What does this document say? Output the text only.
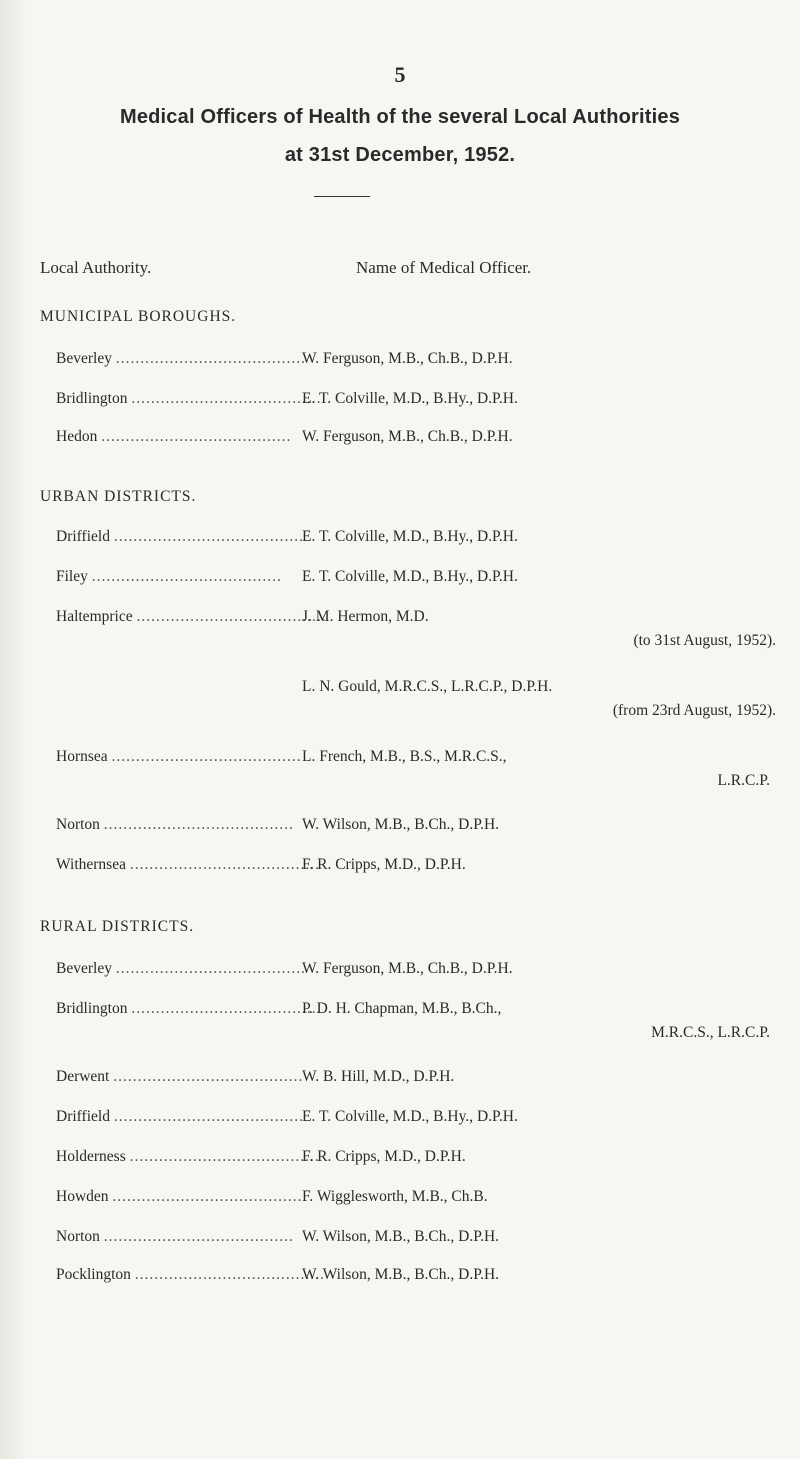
5
Medical Officers of Health of the several Local Authorities
at 31st December, 1952.
Local Authority.	Name of Medical Officer.
MUNICIPAL BOROUGHS.
Beverley .......................................
W. Ferguson, M.B., Ch.B., D.P.H.
Bridlington .......................................
E. T. Colville, M.D., B.Hy., D.P.H.
Hedon ....................................... W. Ferguson, M.B., Ch.B., D.P.H.
URBAN DISTRICTS.
Driffield .......................................
E. T. Colville, M.D., B.Hy., D.P.H.
Filey .......................................	E. T. Colville, M.D., B.Hy., D.P.H.
Haltemprice .......................................
J. M. Hermon, M.D.
(to 31st August, 1952).
L. N. Gould, M.R.C.S., L.R.C.P., D.P.H.
(from 23rd August, 1952).
Hornsea ....................................... L. French, M.B., B.S., M.R.C.S.,
L.R.C.P.
Norton ....................................... W. Wilson, M.B., B.Ch., D.P.H.
Withernsea .......................................
F. R. Cripps, M.D., D.P.H.
RURAL DISTRICTS.
Beverley .......................................
W. Ferguson, M.B., Ch.B., D.P.H.
Bridlington .......................................
P. D. H. Chapman, M.B., B.Ch.,
M.R.C.S., L.R.C.P.
Derwent .......................................
W. B. Hill, M.D., D.P.H.
Driffield .......................................
E. T. Colville, M.D., B.Hy., D.P.H.
Holderness .......................................
F. R. Cripps, M.D., D.P.H.
Howden ....................................... F. Wigglesworth, M.B., Ch.B.
Norton ....................................... W. Wilson, M.B., B.Ch., D.P.H.
Pocklington .......................................
W. Wilson, M.B., B.Ch., D.P.H.
